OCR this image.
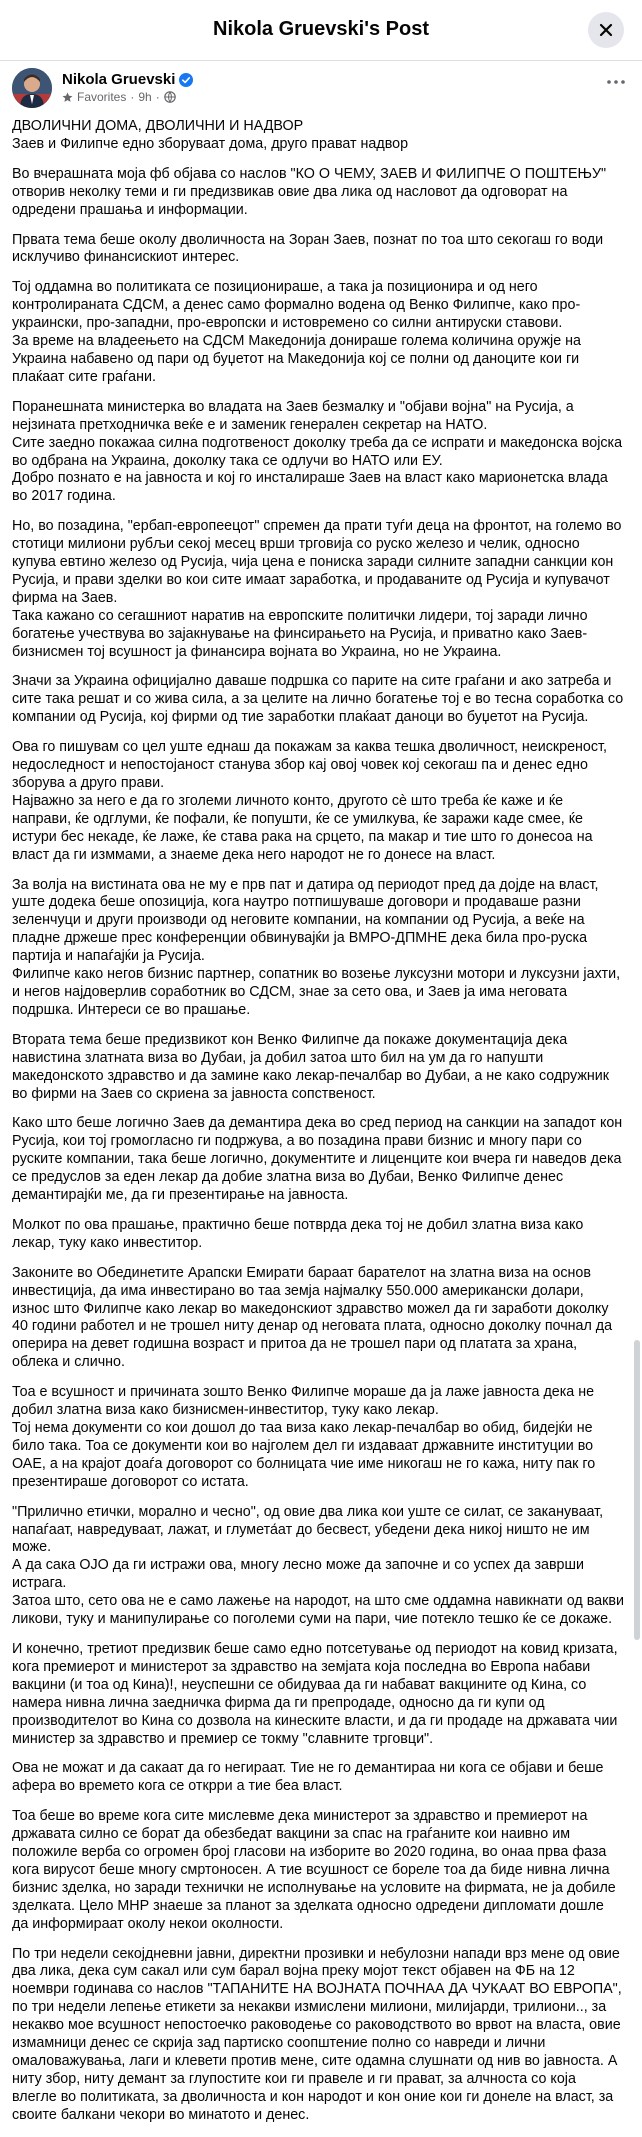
Nikola Gruevski's Post
Nikola Gruevski
Favorites · 9h ·

ДВОЛИЧНИ ДОМА, ДВОЛИЧНИ И НАДВОР
Заев и Филипче едно зборуваат дома, друго прават надвор

Во вчерашната моја фб објава со наслов "КО О ЧЕМУ, ЗАЕВ И ФИЛИПЧЕ О ПОШТЕЊУ" отворив неколку теми и ги предизвикав овие два лика од насловот да одговорат на одредени прашања и информации.

Првата тема беше околу дволичноста на Зоран Заев, познат по тоа што секогаш го води исклучиво финансискиот интерес.

Тој оддамна во политиката се позиционираше, а така ја позиционира и од него контролираната СДСМ, а денес само формално водена од Венко Филипче, како про-украински, про-западни, про-европски и истовремено со силни антируски ставови.
За време на владеењето на СДСМ Македонија донираше голема количина оружје на Украина набавено од пари од буџетот на Македонија кој се полни од даноците кои ги плаќаат сите граѓани.

Поранешната министерка во владата на Заев безмалку и "објави војна" на Русија, а нејзината претходничка веќе е и заменик генерален секретар на НАТО.
Сите заедно покажаа силна подготвеност доколку треба да се испрати и македонска војска во одбрана на Украина, доколку така се одлучи во НАТО или ЕУ.
Добро познато е на јавноста и кој го инсталираше Заев на власт како марионетска влада во 2017 година.

Но, во позадина, "ербап-европеецот" спремен да прати туѓи деца на фронтот, на големо во стотици милиони рубљи секој месец врши трговија со руско железо и челик, односно купува евтино железо од Русија, чија цена е пониска заради силните западни санкции кон Русија, и прави зделки во кои сите имаат заработка, и продаваните од Русија и купувачот фирма на Заев.
Така кажано со сегашниот наратив на европските политички лидери, тој заради лично богатење учествува во зајакнување на финсирањето на Русија, и приватно како Заев-бизнисмен тој всушност ја финансира војната во Украина, но не Украина.

Значи за Украина официјално даваше подршка со парите на сите граѓани и ако затреба и сите така решат и со жива сила, а за целите на лично богатење тој е во тесна соработка со компании од Русија, кој фирми од тие заработки плаќаат даноци во буџетот на Русија.

Ова го пишувам со цел уште еднаш да покажам за каква тешка дволичност, неискреност, недоследност и непостојаност станува збор кај овој човек кој секогаш па и денес едно зборува а друго прави.
Најважно за него е да го зголеми личното конто, другото сè што треба ќе каже и ќе направи, ќе одглуми, ќе пофали, ќе попушти, ќе се умилкува, ќе заражи каде смее, ќе истури бес некаде, ќе лаже, ќе става рака на срцето, па макар и тие што го донесоа на власт да ги изммами, а знаеме дека него народот не го донесе на власт.

За волја на вистината ова не му е прв пат и датира од периодот пред да дојде на власт, уште додека беше опозиција, кога наутро потпишуваше договори и продаваше разни зеленчуци и други производи од неговите компании, на компании од Русија, а веќе на пладне држеше прес конференции обвинувајќи ја ВМРО-ДПМНЕ дека била про-руска партија и напаѓајќи ја Русија.
Филипче како негов бизнис партнер, сопатник во возење луксузни мотори и луксузни јахти, и негов најдоверлив соработник во СДСМ, знае за сето ова, и Заев ја има неговата подршка. Интереси се во прашање.

Втората тема беше предизвикот кон Венко Филипче да покаже документација дека навистина златната виза во Дубаи, ја добил затоа што бил на ум да го напушти македонското здравство и да замине како лекар-печалбар во Дубаи, а не како содружник во фирми на Заев со скриена за јавноста сопственост.

Како што беше логично Заев да демантира дека во сред период на санкции на западот кон Русија, кои тој громогласно ги подржува, а во позадина прави бизнис и многу пари со руските компании, така беше логично, документите и лиценците кои вчера ги наведов дека се предуслов за еден лекар да добие златна виза во Дубаи, Венко Филипче денес демантирајќи ме, да ги презентирање на јавноста.

Молкот по ова прашање, практично беше потврда дека тој не добил златна виза како лекар, туку како инвеститор.

Законите во Обединетите Арапски Емирати бараат бaрателот на златна виза на основ инвестиција, да има инвестирано во таа земја најмалку 550.000 американски долари, износ што Филипче како лекар во македонскиот здравство можел да ги заработи доколку 40 години работел и не трошел ниту денар од неговата плата, односно доколку почнал да оперира на девет годишна возраст и притоа да не трошел пари од платата за храна, облека и слично.

Тоа е всушност и причината зошто Венко Филипче мораше да ја лаже јавноста дека не добил златна виза како бизнисмен-инвеститор, туку како лекар.
Тој нема документи со кои дошол до таа виза како лекар-печалбар во обид, бидејќи не било така. Тоа се документи кои во најголем дел ги издаваат државните институции во ОАЕ, а на крајот доаѓа договорот со болницата чие име никогаш не го кажа, ниту пак го презентираше договорот со истата.

"Прилично етички, морално и чесно", од овие два лика кои уште се силат, се закануваат, напаѓаат, навредуваат, лажат, и глумета́ат до бесвест, убедени дека никој ништо не им може.
А да сака ОЈО да ги истражи ова, многу лесно може да започне и со успех да заврши истрага.
Затоа што, сето ова не е само лажење на народот, на што сме оддамна навикнати од вакви ликови, туку и манипулирање со поголеми суми на пари, чие потекло тешко ќе се докаже.

И конечно, третиот предизвик беше само едно потсетување од периодот на ковид кризата, кога премиерот и министерот за здравство на земјата која последна во Европа набави вакцини (и тоа од Кина)!, неуспешни се обидуваа да ги набават вакцините од Кина, со намера нивна лична заедничка фирма да ги препродаде, односно да ги купи од производителот во Кина со дозвола на кинеските власти, и да ги продаде на државата чии министер за здравство и премиер се токму "славните трговци".

Ова не можат и да сакаат да го негираат. Тие не го демантираа ни кога се објави и беше афера во времето кога се открри а тие беа власт.

Тоа беше во време кога сите мислевме дека министерот за здравство и премиерот на државата силно се борат да обезбедат вакцини за спас на граѓаните кои наивно им положиле верба со огромен број гласови на изборите во 2020 година, во онаа прва фаза кога вирусот беше многу смртоносен. А тие всушност се бореле тоа да биде нивна лична бизнис зделка, но заради технички не исполнување на условите на фирмата, не ја добиле зделката. Цело МНР знаеше за планот за зделката односно одредени дипломати дошле да информираат околу некои околности.

По три недели секојдневни јавни, директни прозивки и небулозни напади врз мене од овие два лика, дека сум сакал или сум барал војна преку мојот текст објавен на ФБ на 12 ноември годинава со наслов "ТАПАНИТЕ НА ВОЈНАТА ПОЧНАА ДА ЧУКААТ ВО ЕВРОПА", по три недели лепење етикети за некакви измислени милиони, милијарди, трилиони.., за некакво мое всушност непостоечко раководење со раководството во врвот на власта, овие измамници денес се скрија зад партиско соопштение полно со навреди и лични омаловажувања, лаги и клевети против мене, сите одамна слушнати од нив во јавноста. А ниту збор, ниту демант за глупостите кои ги правеле и ги прават, за алчноста со која влегле во политиката, за дволичноста и кон народот и кон оние кои ги донеле на власт, за своите балкани чекори во минатото и денес.
